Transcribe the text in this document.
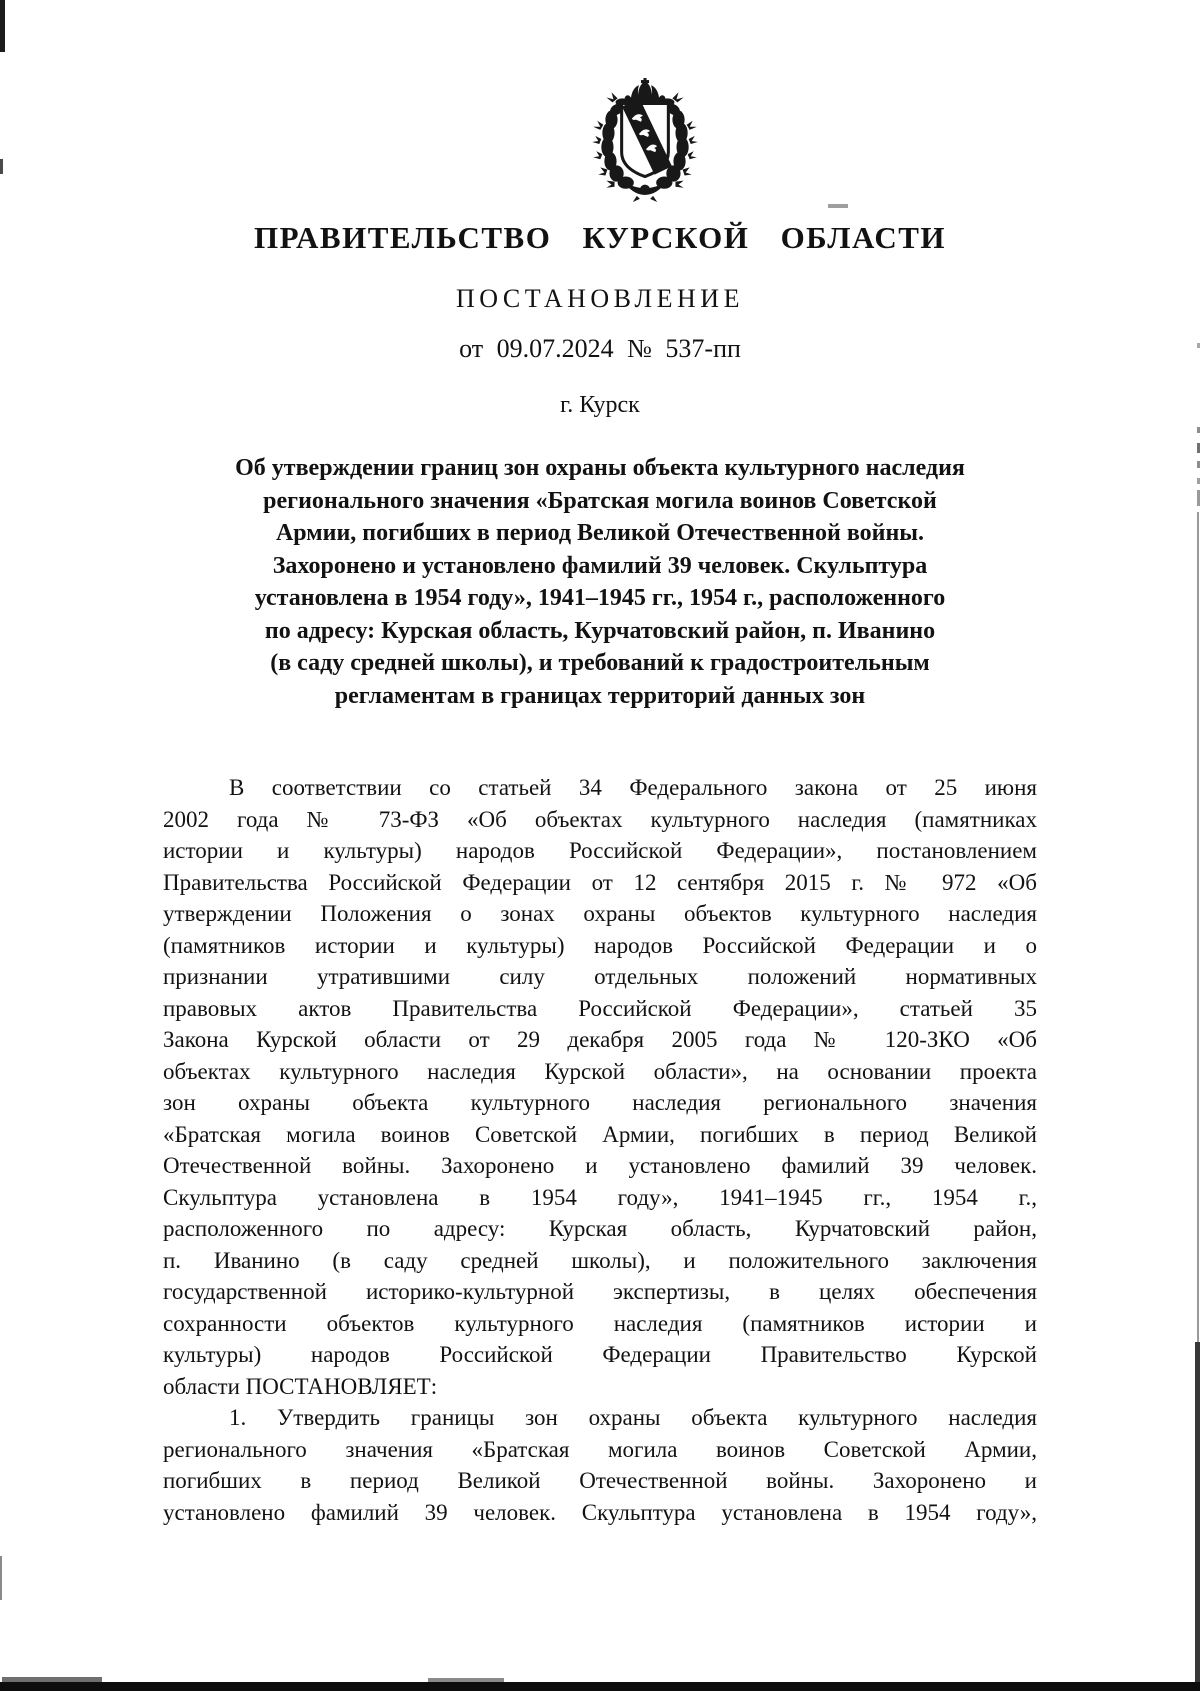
ПРАВИТЕЛЬСТВО КУРСКОЙ ОБЛАСТИ
ПОСТАНОВЛЕНИЕ
от 09.07.2024 № 537-пп
г. Курск
Об утверждении границ зон охраны объекта культурного наследия
регионального значения «Братская могила воинов Советской
Армии, погибших в период Великой Отечественной войны.
Захоронено и установлено фамилий 39 человек. Скульптура
установлена в 1954 году», 1941–1945 гг., 1954 г., расположенного
по адресу: Курская область, Курчатовский район, п. Иванино
(в саду средней школы), и требований к градостроительным
регламентам в границах территорий данных зон
В соответствии со статьей 34 Федерального закона от 25 июня
2002 года № 73-ФЗ «Об объектах культурного наследия (памятниках
истории и культуры) народов Российской Федерации», постановлением
Правительства Российской Федерации от 12 сентября 2015 г. № 972 «Об
утверждении Положения о зонах охраны объектов культурного наследия
(памятников истории и культуры) народов Российской Федерации и о
признании утратившими силу отдельных положений нормативных
правовых актов Правительства Российской Федерации», статьей 35
Закона Курской области от 29 декабря 2005 года № 120-ЗКО «Об
объектах культурного наследия Курской области», на основании проекта
зон охраны объекта культурного наследия регионального значения
«Братская могила воинов Советской Армии, погибших в период Великой
Отечественной войны. Захоронено и установлено фамилий 39 человек.
Скульптура установлена в 1954 году», 1941–1945 гг., 1954 г.,
расположенного по адресу: Курская область, Курчатовский район,
п. Иванино (в саду средней школы), и положительного заключения
государственной историко-культурной экспертизы, в целях обеспечения
сохранности объектов культурного наследия (памятников истории и
культуры) народов Российской Федерации Правительство Курской
области ПОСТАНОВЛЯЕТ:
1. Утвердить границы зон охраны объекта культурного наследия
регионального значения «Братская могила воинов Советской Армии,
погибших в период Великой Отечественной войны. Захоронено и
установлено фамилий 39 человек. Скульптура установлена в 1954 году»,
